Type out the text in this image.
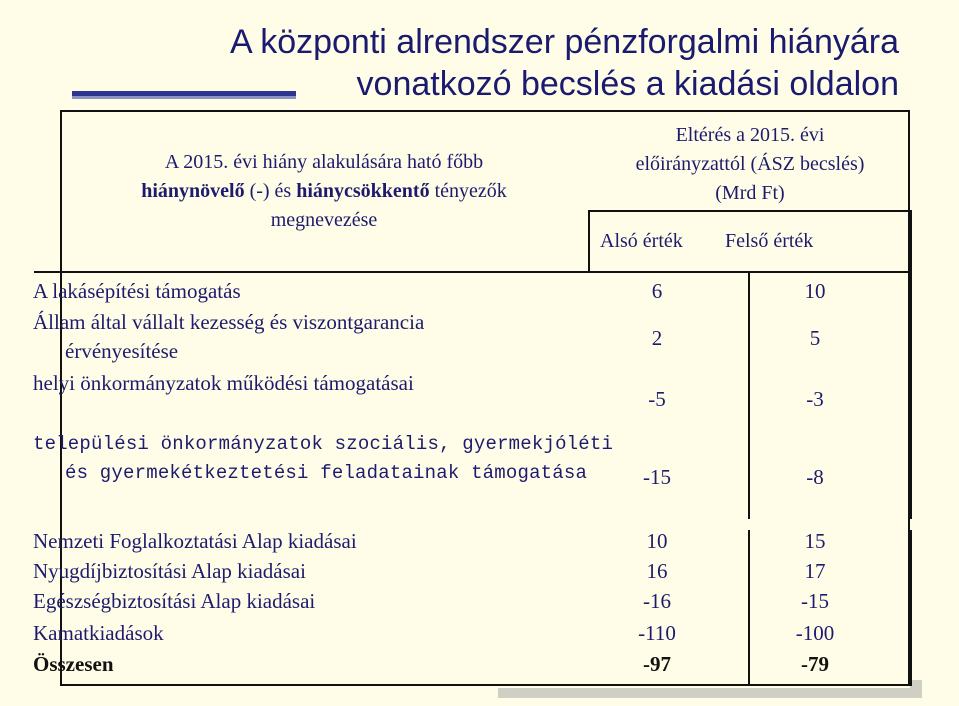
A központi alrendszer pénzforgalmi hiányára
vonatkozó becslés a kiadási oldalon
A 2015. évi hiány alakulására ható főbb
hiánynövelő (-) és hiánycsökkentő tényezők
megnevezése
Eltérés a 2015. évi
előirányzattól (ÁSZ becslés)
(Mrd Ft)
Alsó érték Felső érték
A lakásépítési támogatás	6	10
Állam által vállalt kezesség és viszontgarancia
érvényesítése
2	5
helyi önkormányzatok működési támogatásai
-5	-3
települési önkormányzatok szociális, gyermekjóléti
és gyermekétkeztetési feladatainak támogatása	-15	-8
Nemzeti Foglalkoztatási Alap kiadásai	10	15
Nyugdíjbiztosítási Alap kiadásai	16	17
Egészségbiztosítási Alap kiadásai	-16	-15
Kamatkiadások	-110	-100
Összesen	-97	-79
